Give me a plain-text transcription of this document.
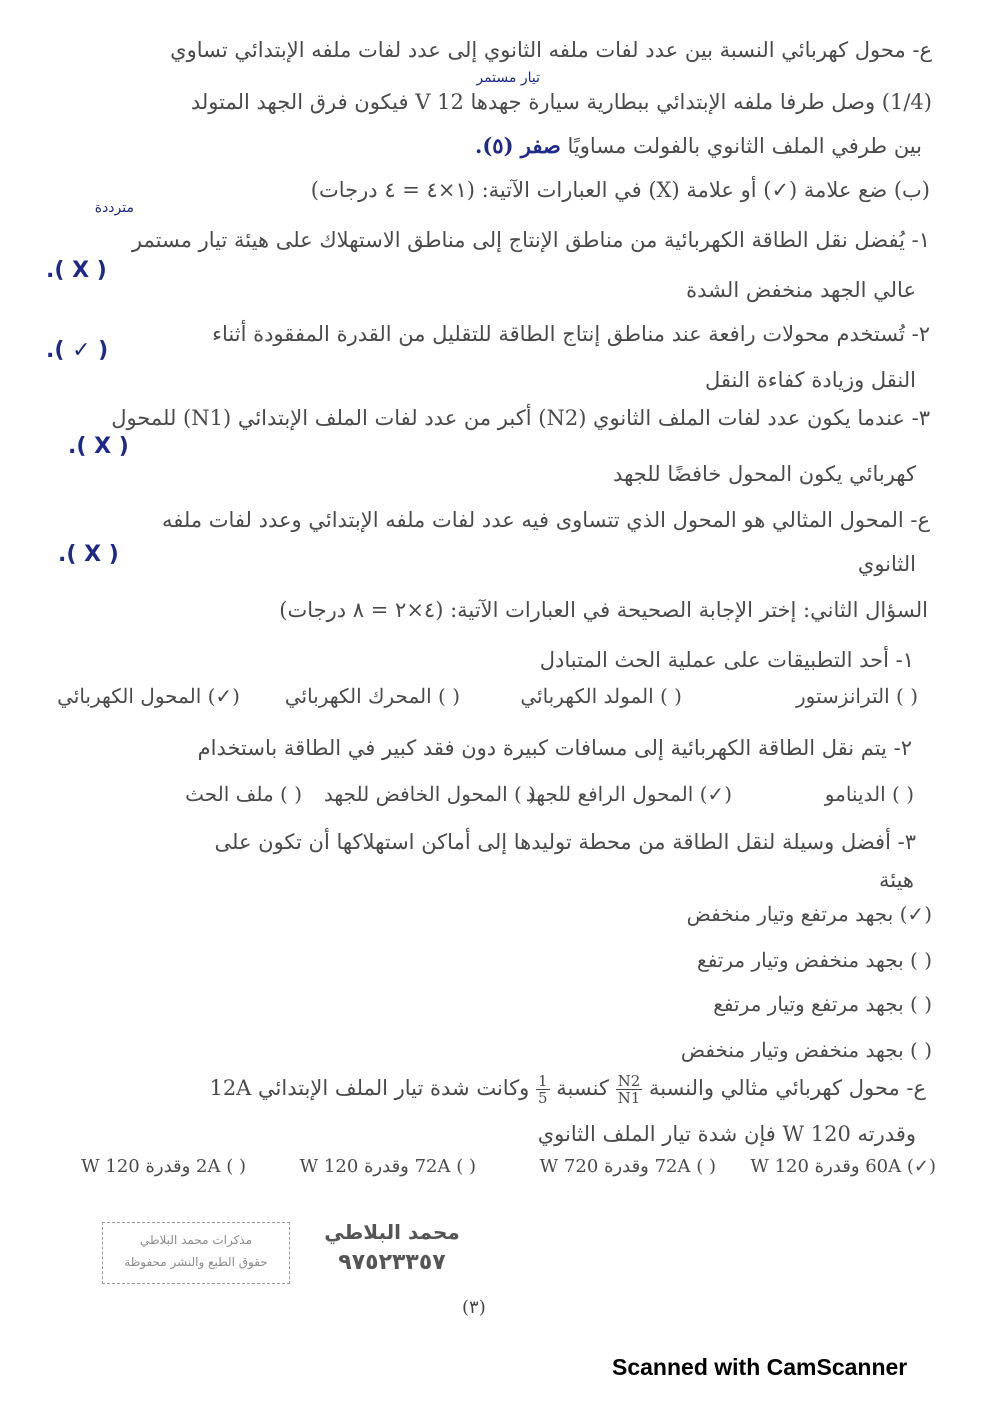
ع- محول كهربائي النسبة بين عدد لفات ملفه الثانوي إلى عدد لفات ملفه الإبتدائي تساوي
تيار مستمر
(1/4) وصل طرفا ملفه الإبتدائي ببطارية سيارة جهدها 12 V فيكون فرق الجهد المتولد
بين طرفي الملف الثانوي بالفولت مساويًا صفر (٥).
(ب) ضع علامة (✓) أو علامة (X) في العبارات الآتية: (١×٤ = ٤ درجات)
مترددة
١- يُفضل نقل الطاقة الكهربائية من مناطق الإنتاج إلى مناطق الاستهلاك على هيئة تيار مستمر
.( X )
عالي الجهد منخفض الشدة
٢- تُستخدم محولات رافعة عند مناطق إنتاج الطاقة للتقليل من القدرة المفقودة أثناء
.( ✓ )
النقل وزيادة كفاءة النقل
٣- عندما يكون عدد لفات الملف الثانوي (N2) أكبر من عدد لفات الملف الإبتدائي (N1) للمحول
.( X )
كهربائي يكون المحول خافضًا للجهد
ع- المحول المثالي هو المحول الذي تتساوى فيه عدد لفات ملفه الإبتدائي وعدد لفات ملفه
.( X )	الثانوي
السؤال الثاني: إختر الإجابة الصحيحة في العبارات الآتية: (٤×٢ = ٨ درجات)
١- أحد التطبيقات على عملية الحث المتبادل
( ) الترانزستور
( ) المولد الكهربائي
( ) المحرك الكهربائي
(✓) المحول الكهربائي
٢- يتم نقل الطاقة الكهربائية إلى مسافات كبيرة دون فقد كبير في الطاقة باستخدام
( ) الدينامو
(✓) المحول الرافع للجهد
( ) المحول الخافض للجهد
( ) ملف الحث
٣- أفضل وسيلة لنقل الطاقة من محطة توليدها إلى أماكن استهلاكها أن تكون على
هيئة
(✓) بجهد مرتفع وتيار منخفض
( ) بجهد منخفض وتيار مرتفع
( ) بجهد مرتفع وتيار مرتفع
( ) بجهد منخفض وتيار منخفض
ع- محول كهربائي مثالي والنسبة
$\frac{N2}{N1}$
كنسبة
$\frac{1}{5}$
وكانت شدة تيار الملف الإبتدائي 12A
وقدرته 120 W فإن شدة تيار الملف الثانوي
(✓) 60A وقدرة 120 W
( ) 72A وقدرة 720 W
( ) 72A وقدرة 120 W
( ) 2A وقدرة 120 W
مذكرات محمد البلاطي
حقوق الطبع والنشر محفوظة
محمد البلاطي
٩٧٥٢٣٣٥٧
(٣)
Scanned with CamScanner
